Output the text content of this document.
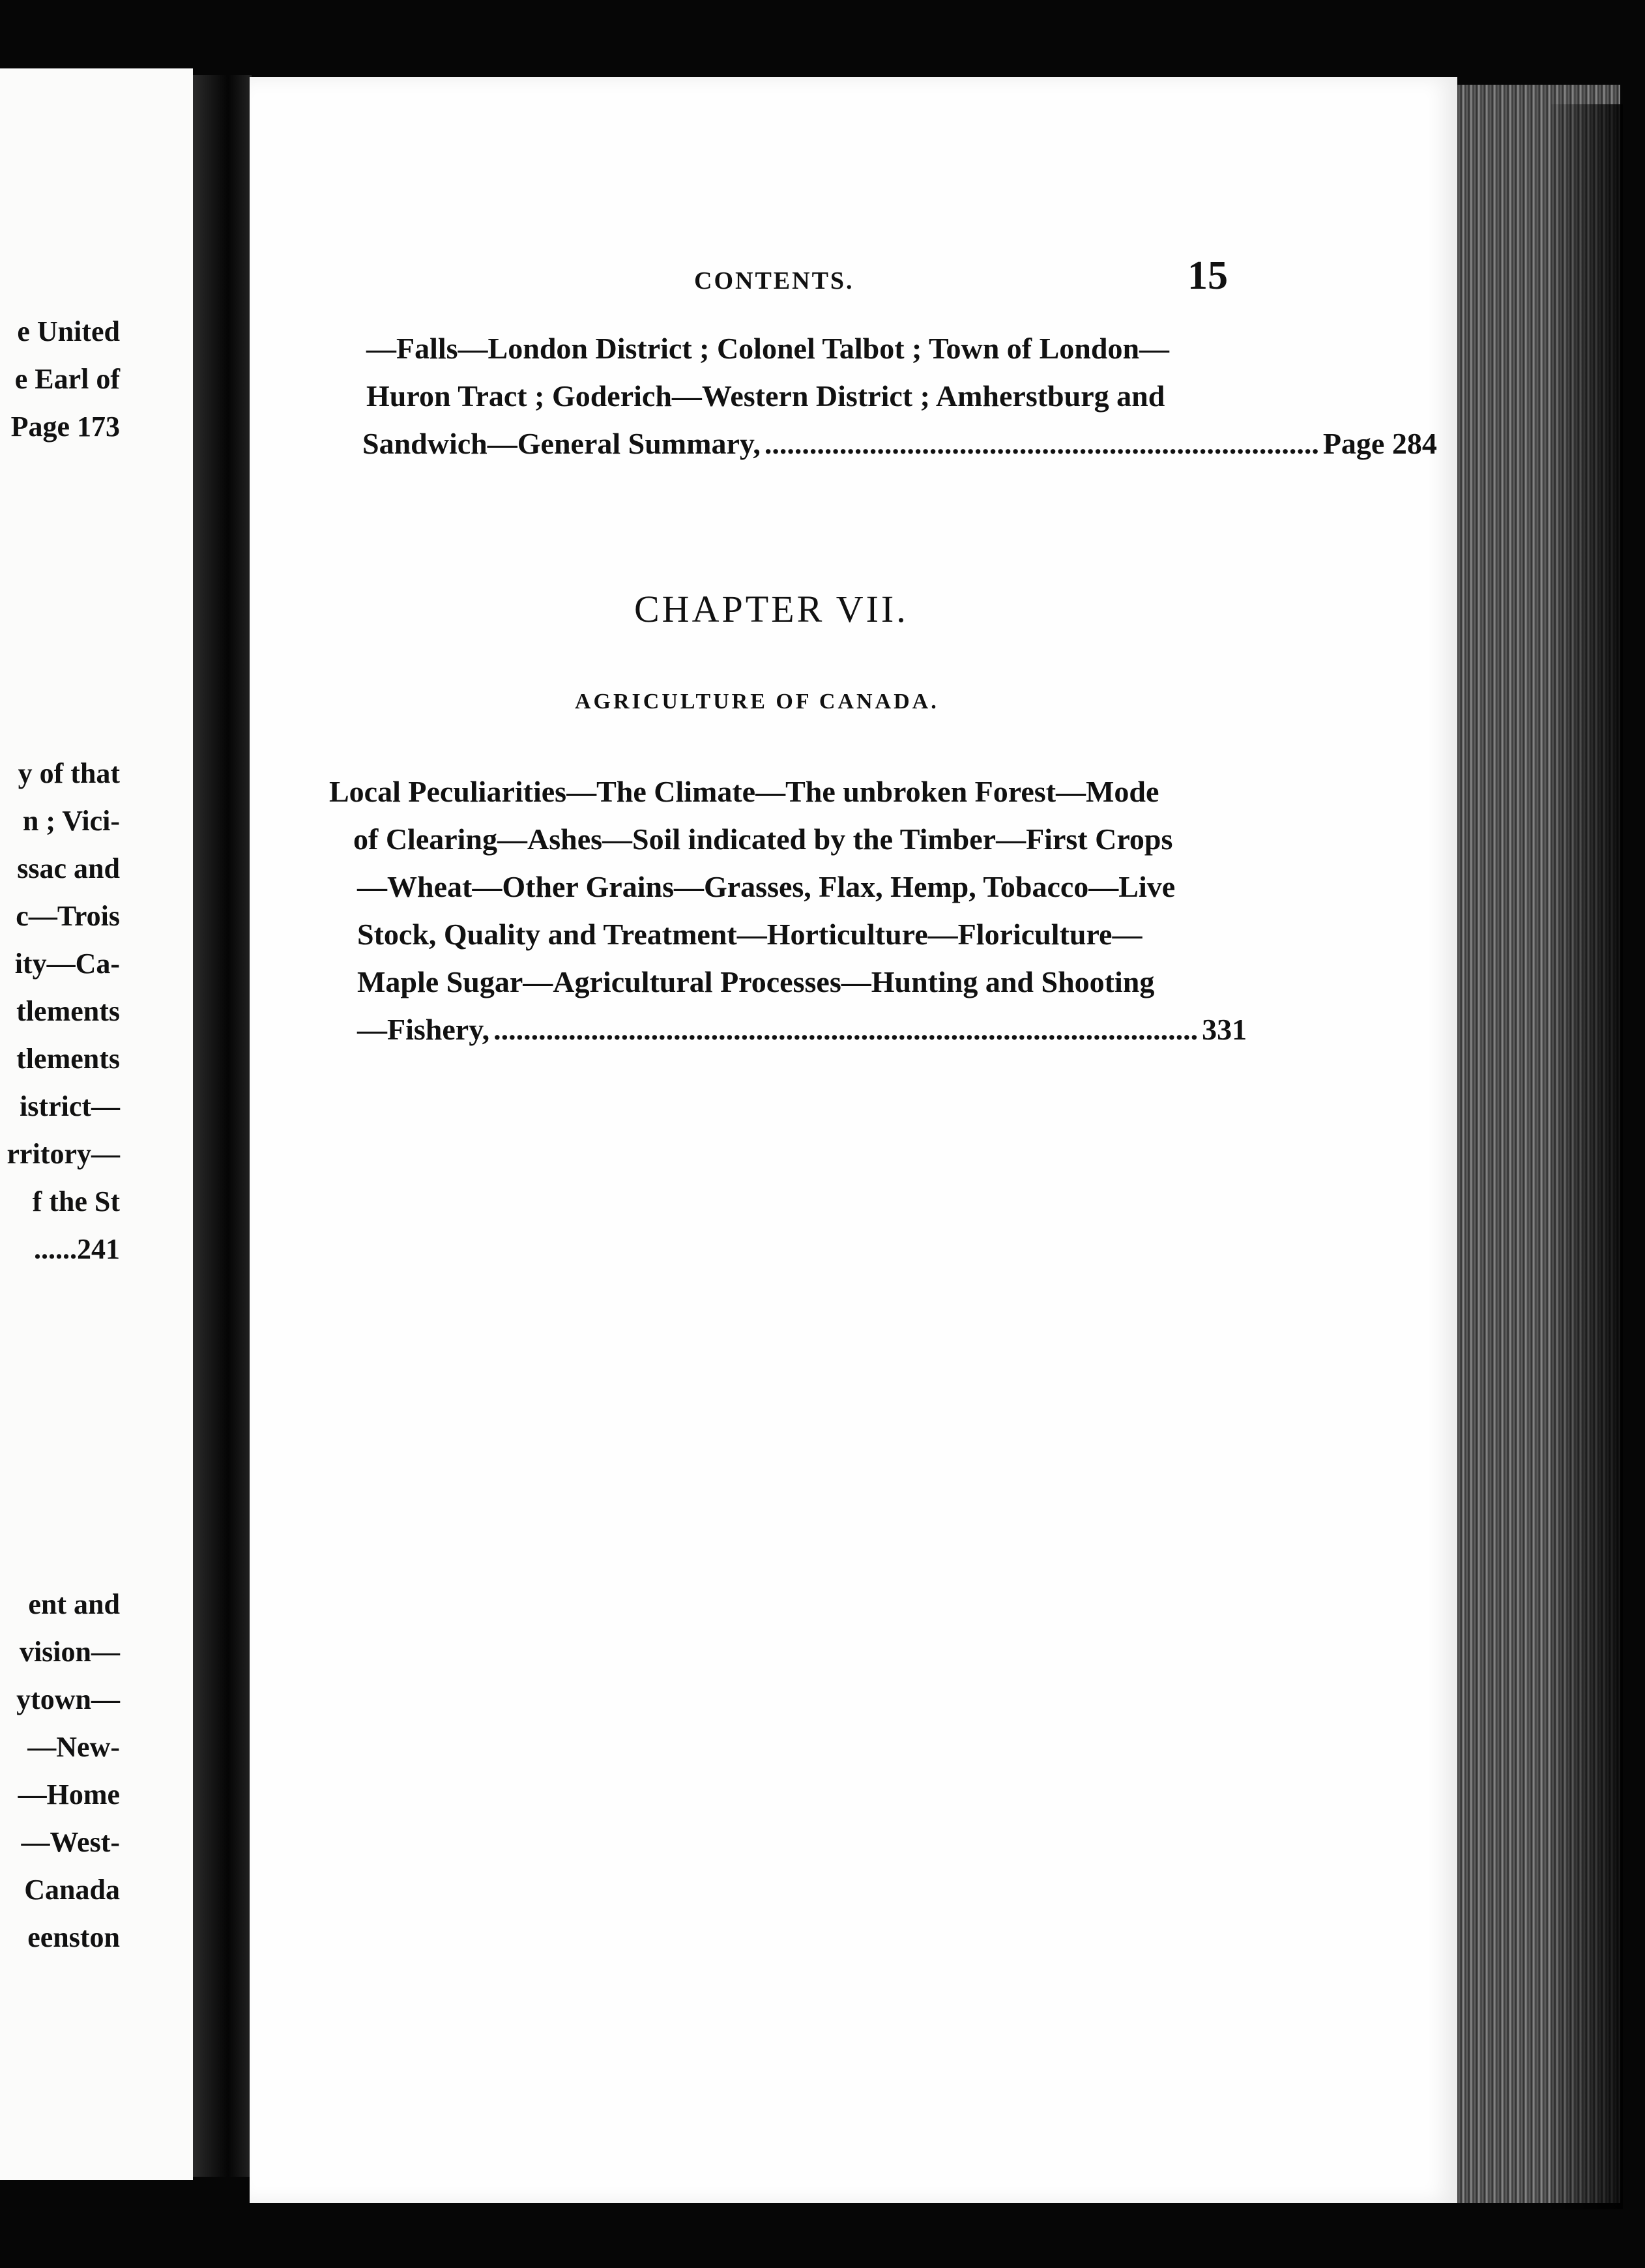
e United
e Earl of
Page 173
y of that
n ; Vici-
ssac and
c—Trois
ity—Ca-
tlements
tlements
istrict—
rritory—
f the St
......241
ent and
vision—
ytown—
—New-
—Home
—West-
Canada
eenston
CONTENTS.	15
—Falls—London District ; Colonel Talbot ; Town of London—
Huron Tract ; Goderich—Western District ; Amherstburg and
Sandwich—General Summary, .......................................................................... Page 284
CHAPTER VII.
AGRICULTURE OF CANADA.
Local Peculiarities—The Climate—The unbroken Forest—Mode
of Clearing—Ashes—Soil indicated by the Timber—First Crops
—Wheat—Other Grains—Grasses, Flax, Hemp, Tobacco—Live
Stock, Quality and Treatment—Horticulture—Floriculture—
Maple Sugar—Agricultural Processes—Hunting and Shooting
—Fishery, .............................................................................................. 331
